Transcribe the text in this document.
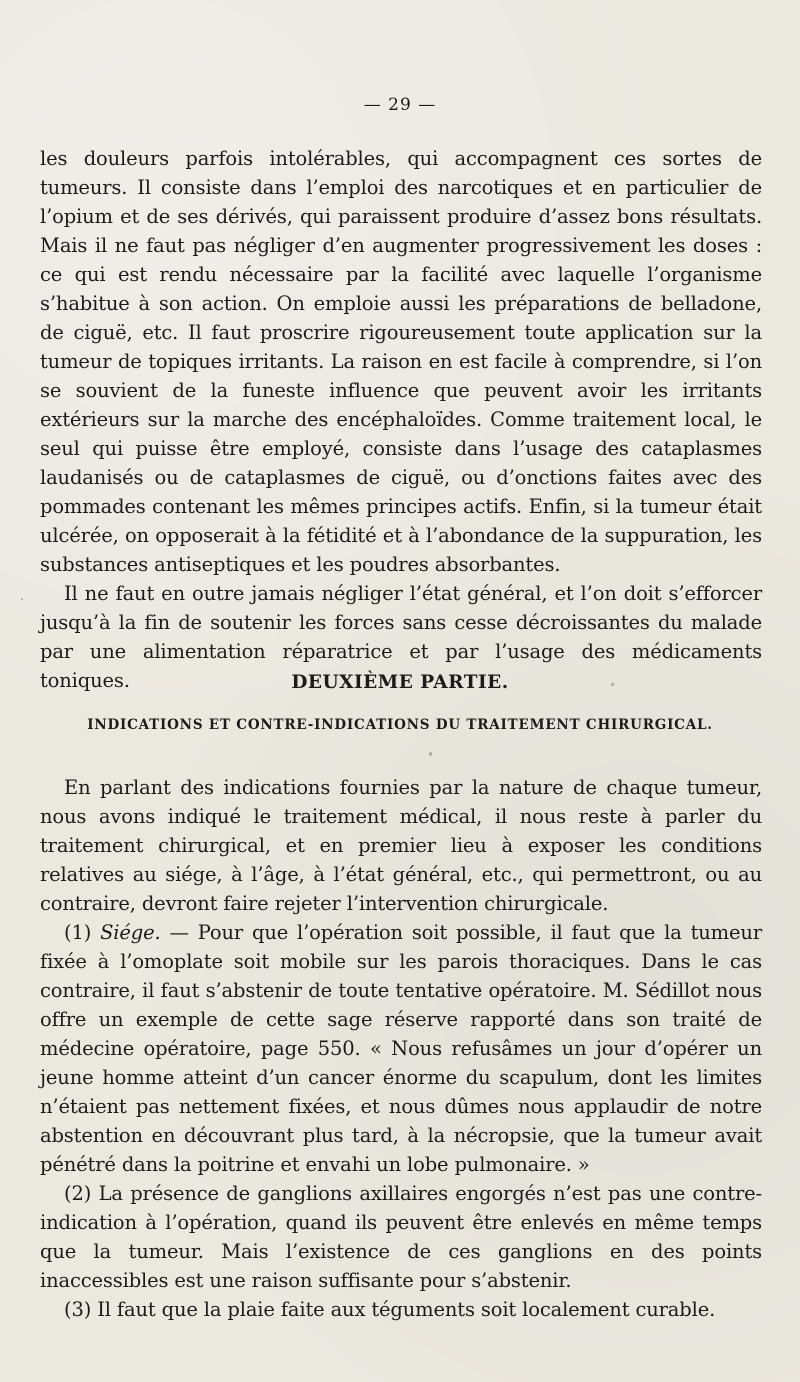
— 29 —

les douleurs parfois intolérables, qui accompagnent ces sortes de tumeurs. Il consiste dans l’emploi des narcotiques et en particulier de l’opium et de ses dérivés, qui paraissent produire d’assez bons résultats. Mais il ne faut pas négliger d’en augmenter progressivement les doses : ce qui est rendu nécessaire par la facilité avec laquelle l’organisme s’habitue à son action. On emploie aussi les préparations de belladone, de ciguë, etc. Il faut proscrire rigoureusement toute application sur la tumeur de topiques irritants. La raison en est facile à comprendre, si l’on se souvient de la funeste influence que peuvent avoir les irritants extérieurs sur la marche des encéphaloïdes. Comme traitement local, le seul qui puisse être employé, consiste dans l’usage des cataplasmes laudanisés ou de cataplasmes de ciguë, ou d’onctions faites avec des pommades contenant les mêmes principes actifs. Enfin, si la tumeur était ulcérée, on opposerait à la fétidité et à l’abondance de la suppuration, les substances antiseptiques et les poudres absorbantes.

Il ne faut en outre jamais négliger l’état général, et l’on doit s’efforcer jusqu’à la fin de soutenir les forces sans cesse décroissantes du malade par une alimentation réparatrice et par l’usage des médicaments toniques.	DEUXIÈME PARTIE.
INDICATIONS ET CONTRE-INDICATIONS DU TRAITEMENT CHIRURGICAL.

En parlant des indications fournies par la nature de chaque tumeur, nous avons indiqué le traitement médical, il nous reste à parler du traitement chirurgical, et en premier lieu à exposer les conditions relatives au siége, à l’âge, à l’état général, etc., qui permettront, ou au contraire, devront faire rejeter l’intervention chirurgicale.

(1) Siége. — Pour que l’opération soit possible, il faut que la tumeur fixée à l’omoplate soit mobile sur les parois thoraciques. Dans le cas contraire, il faut s’abstenir de toute tentative opératoire. M. Sédillot nous offre un exemple de cette sage réserve rapporté dans son traité de médecine opératoire, page 550. « Nous refusâmes un jour d’opérer un jeune homme atteint d’un cancer énorme du scapulum, dont les limites n’étaient pas nettement fixées, et nous dûmes nous applaudir de notre abstention en découvrant plus tard, à la nécropsie, que la tumeur avait pénétré dans la poitrine et envahi un lobe pulmonaire. »

(2) La présence de ganglions axillaires engorgés n’est pas une contre-indication à l’opération, quand ils peuvent être enlevés en même temps que la tumeur. Mais l’existence de ces ganglions en des points inaccessibles est une raison suffisante pour s’abstenir.

(3) Il faut que la plaie faite aux téguments soit localement curable.
